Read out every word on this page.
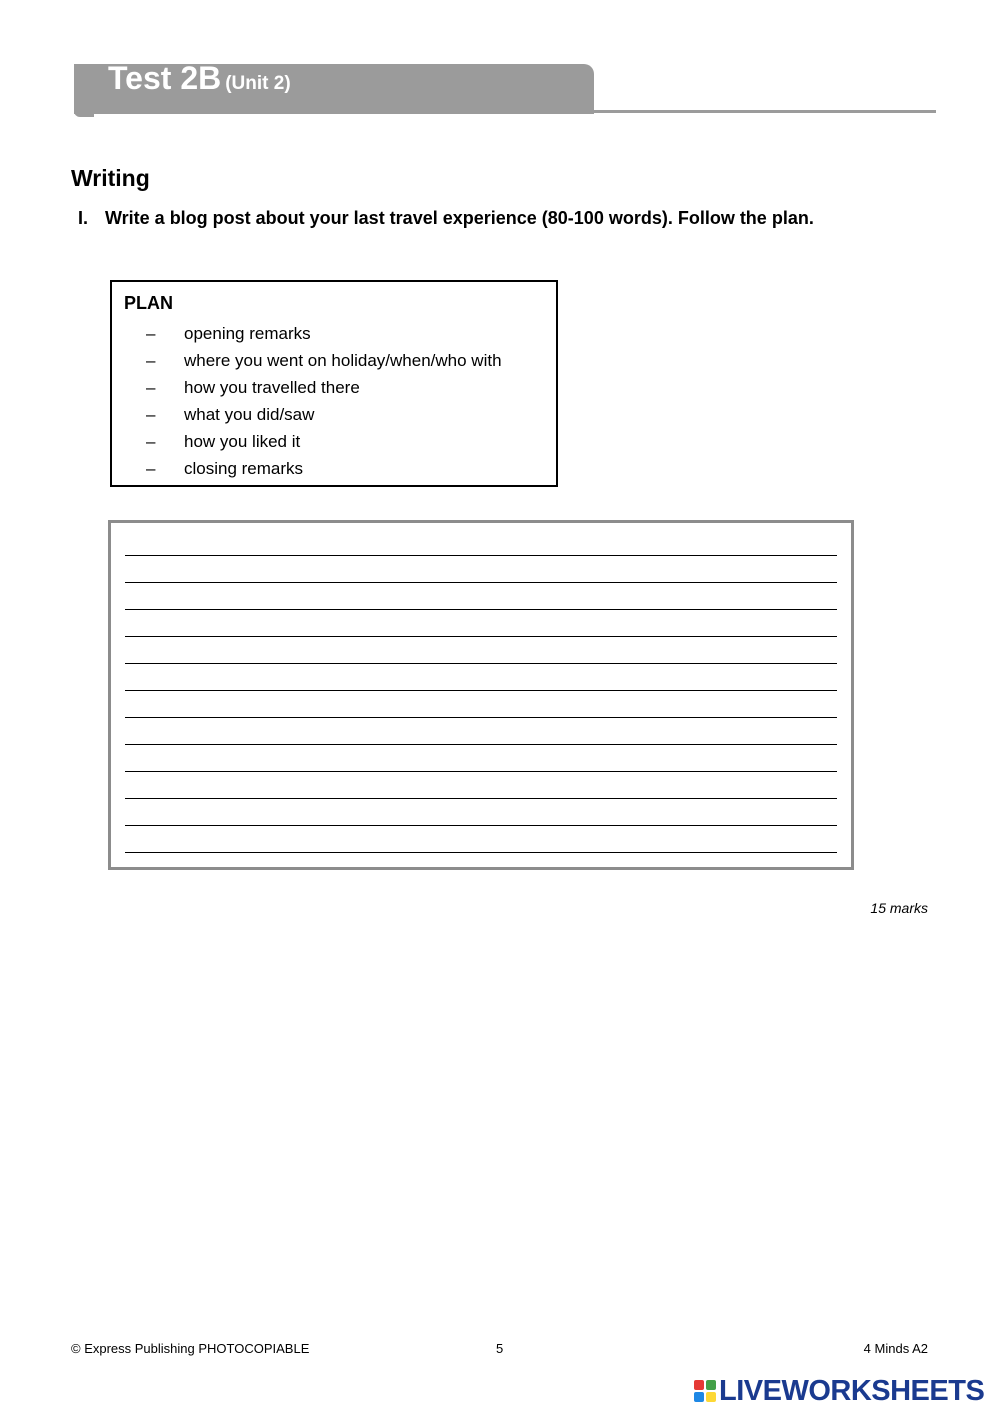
Test 2B (Unit 2)
Writing
I. Write a blog post about your last travel experience (80-100 words). Follow the plan.
PLAN
– opening remarks
– where you went on holiday/when/who with
– how you travelled there
– what you did/saw
– how you liked it
– closing remarks
15 marks
© Express Publishing PHOTOCOPIABLE	5	4 Minds A2
LIVEWORKSHEETS
